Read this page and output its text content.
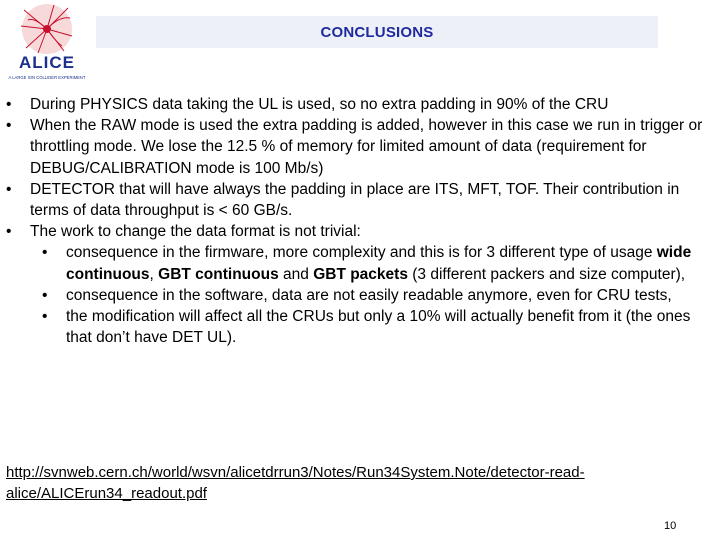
ALICE
A LARGE ION COLLIDER EXPERIMENT
CONCLUSIONS
•	During PHYSICS data taking the UL is used, so no extra padding in 90% of the CRU
•	When the RAW mode is used the extra padding is added, however in this case we run in trigger or throttling mode. We lose the 12.5 % of memory for limited amount of data (requirement for DEBUG/CALIBRATION mode is 100 Mb/s)
•	DETECTOR that will have always the padding in place are ITS, MFT, TOF. Their contribution in terms of data throughput is < 60 GB/s.
•	The work to change the data format is not trivial:
•	consequence in the firmware, more complexity and this is for 3 different type of usage wide continuous, GBT continuous and GBT packets (3 different packers and size computer),
•	consequence in the software, data are not easily readable anymore, even for CRU tests,
•	the modification will affect all the CRUs but only a 10% will actually benefit from it (the ones that don’t have DET UL).
http://svnweb.cern.ch/world/wsvn/alicetdrrun3/Notes/Run34System.Note/detector-read-alice/ALICErun34_readout.pdf
10
